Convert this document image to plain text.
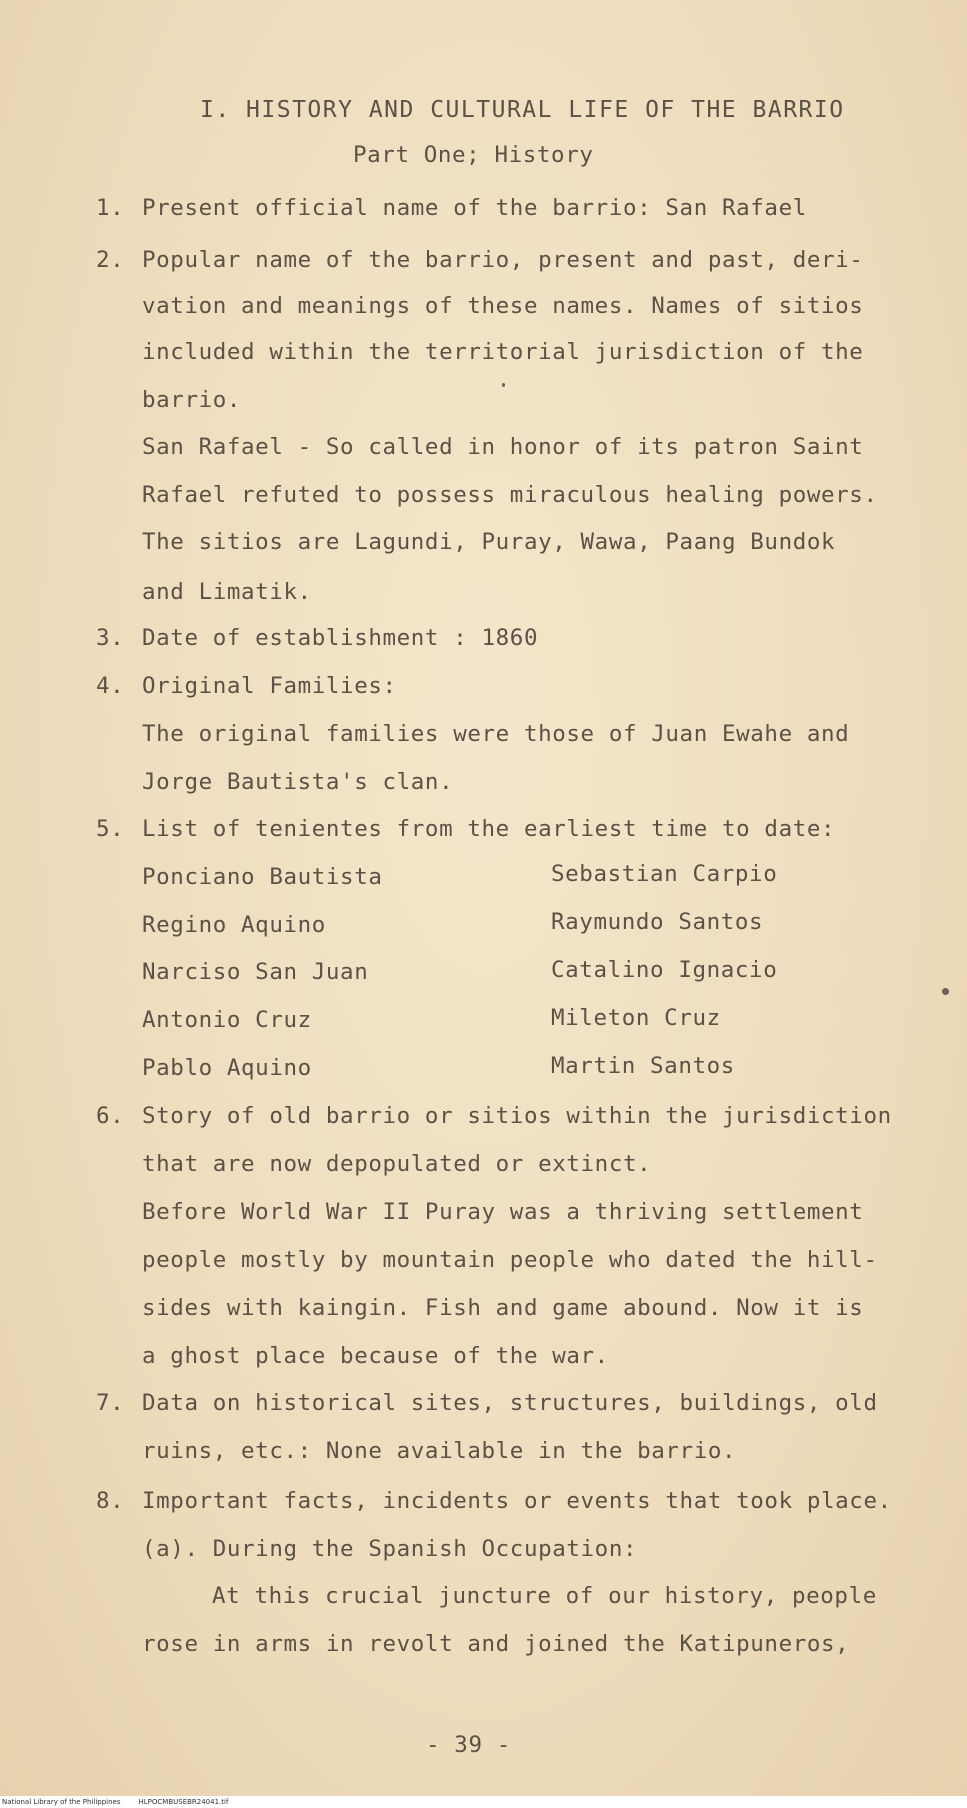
I. HISTORY AND CULTURAL LIFE OF THE BARRIO
Part One; History
1. Present official name of the barrio: San Rafael
2. Popular name of the barrio, present and past, deri-
vation and meanings of these names. Names of sitios
included within the territorial jurisdiction of the
barrio.
San Rafael - So called in honor of its patron Saint
Rafael refuted to possess miraculous healing powers.
The sitios are Lagundi, Puray, Wawa, Paang Bundok
and Limatik.
3. Date of establishment : 1860
4. Original Families:
The original families were those of Juan Ewahe and
Jorge Bautista's clan.
5. List of tenientes from the earliest time to date:
Ponciano Bautista
Regino Aquino
Narciso San Juan
Antonio Cruz
Pablo Aquino
Sebastian Carpio
Raymundo Santos
Catalino Ignacio
Mileton Cruz
Martin Santos
6. Story of old barrio or sitios within the jurisdiction
that are now depopulated or extinct.
Before World War II Puray was a thriving settlement
people mostly by mountain people who dated the hill-
sides with kaingin. Fish and game abound. Now it is
a ghost place because of the war.
7. Data on historical sites, structures, buildings, old
ruins, etc.: None available in the barrio.
8. Important facts, incidents or events that took place.
(a). During the Spanish Occupation:
At this crucial juncture of our history, people
rose in arms in revolt and joined the Katipuneros,
- 39 -
National Library of the Philippines	HLPOCMBUSEBR24041.tif
